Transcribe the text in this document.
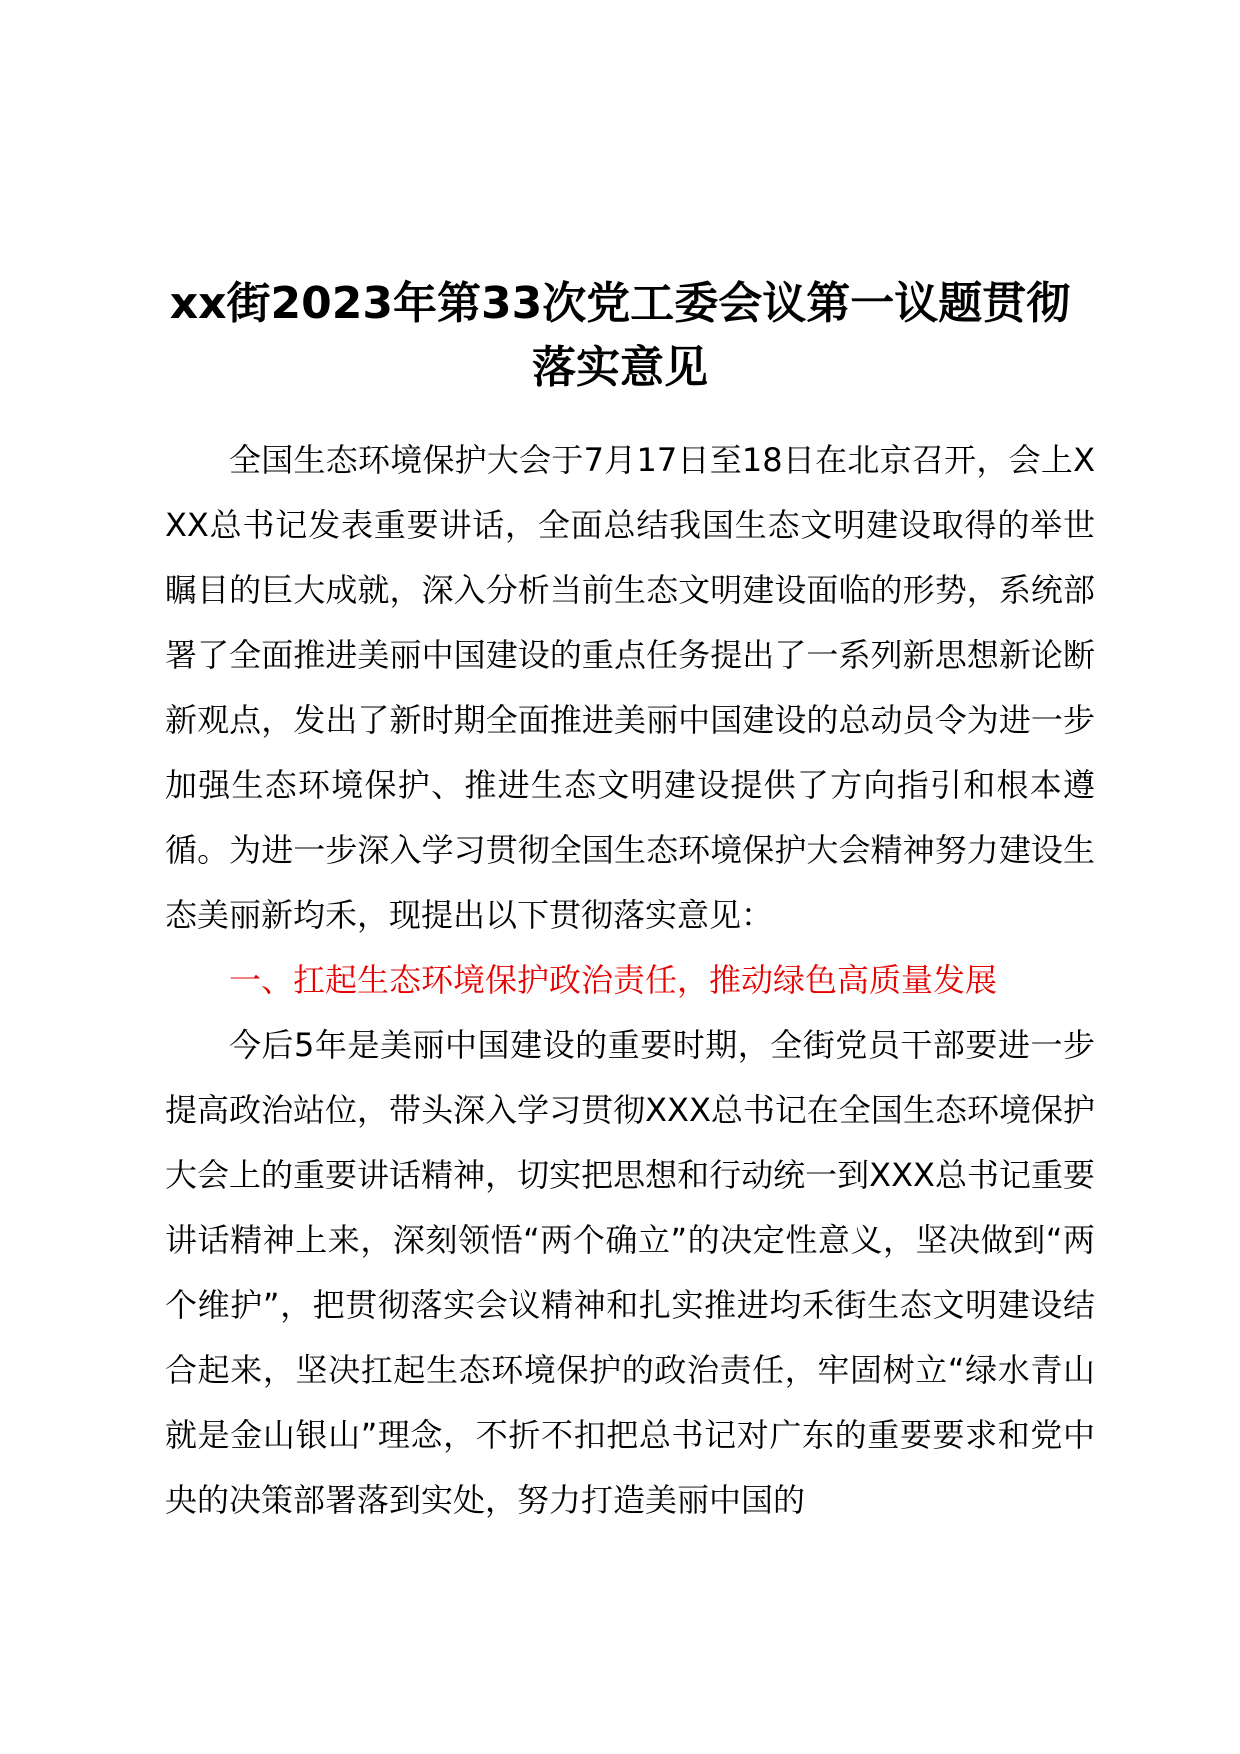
xx街2023年第33次党工委会议第一议题贯彻落实意见

全国生态环境保护大会于7月17日至18日在北京召开，会上XXX总书记发表重要讲话，全面总结我国生态文明建设取得的举世瞩目的巨大成就，深入分析当前生态文明建设面临的形势，系统部署了全面推进美丽中国建设的重点任务提出了一系列新思想新论断新观点，发出了新时期全面推进美丽中国建设的总动员令为进一步加强生态环境保护、推进生态文明建设提供了方向指引和根本遵循。为进一步深入学习贯彻全国生态环境保护大会精神努力建设生态美丽新均禾，现提出以下贯彻落实意见：

一、扛起生态环境保护政治责任，推动绿色高质量发展

今后5年是美丽中国建设的重要时期，全街党员干部要进一步提高政治站位，带头深入学习贯彻XXX总书记在全国生态环境保护大会上的重要讲话精神，切实把思想和行动统一到XXX总书记重要讲话精神上来，深刻领悟“两个确立”的决定性意义，坚决做到“两个维护”，把贯彻落实会议精神和扎实推进均禾街生态文明建设结合起来，坚决扛起生态环境保护的政治责任，牢固树立“绿水青山就是金山银山”理念，不折不扣把总书记对广东的重要要求和党中央的决策部署落到实处，努力打造美丽中国的
